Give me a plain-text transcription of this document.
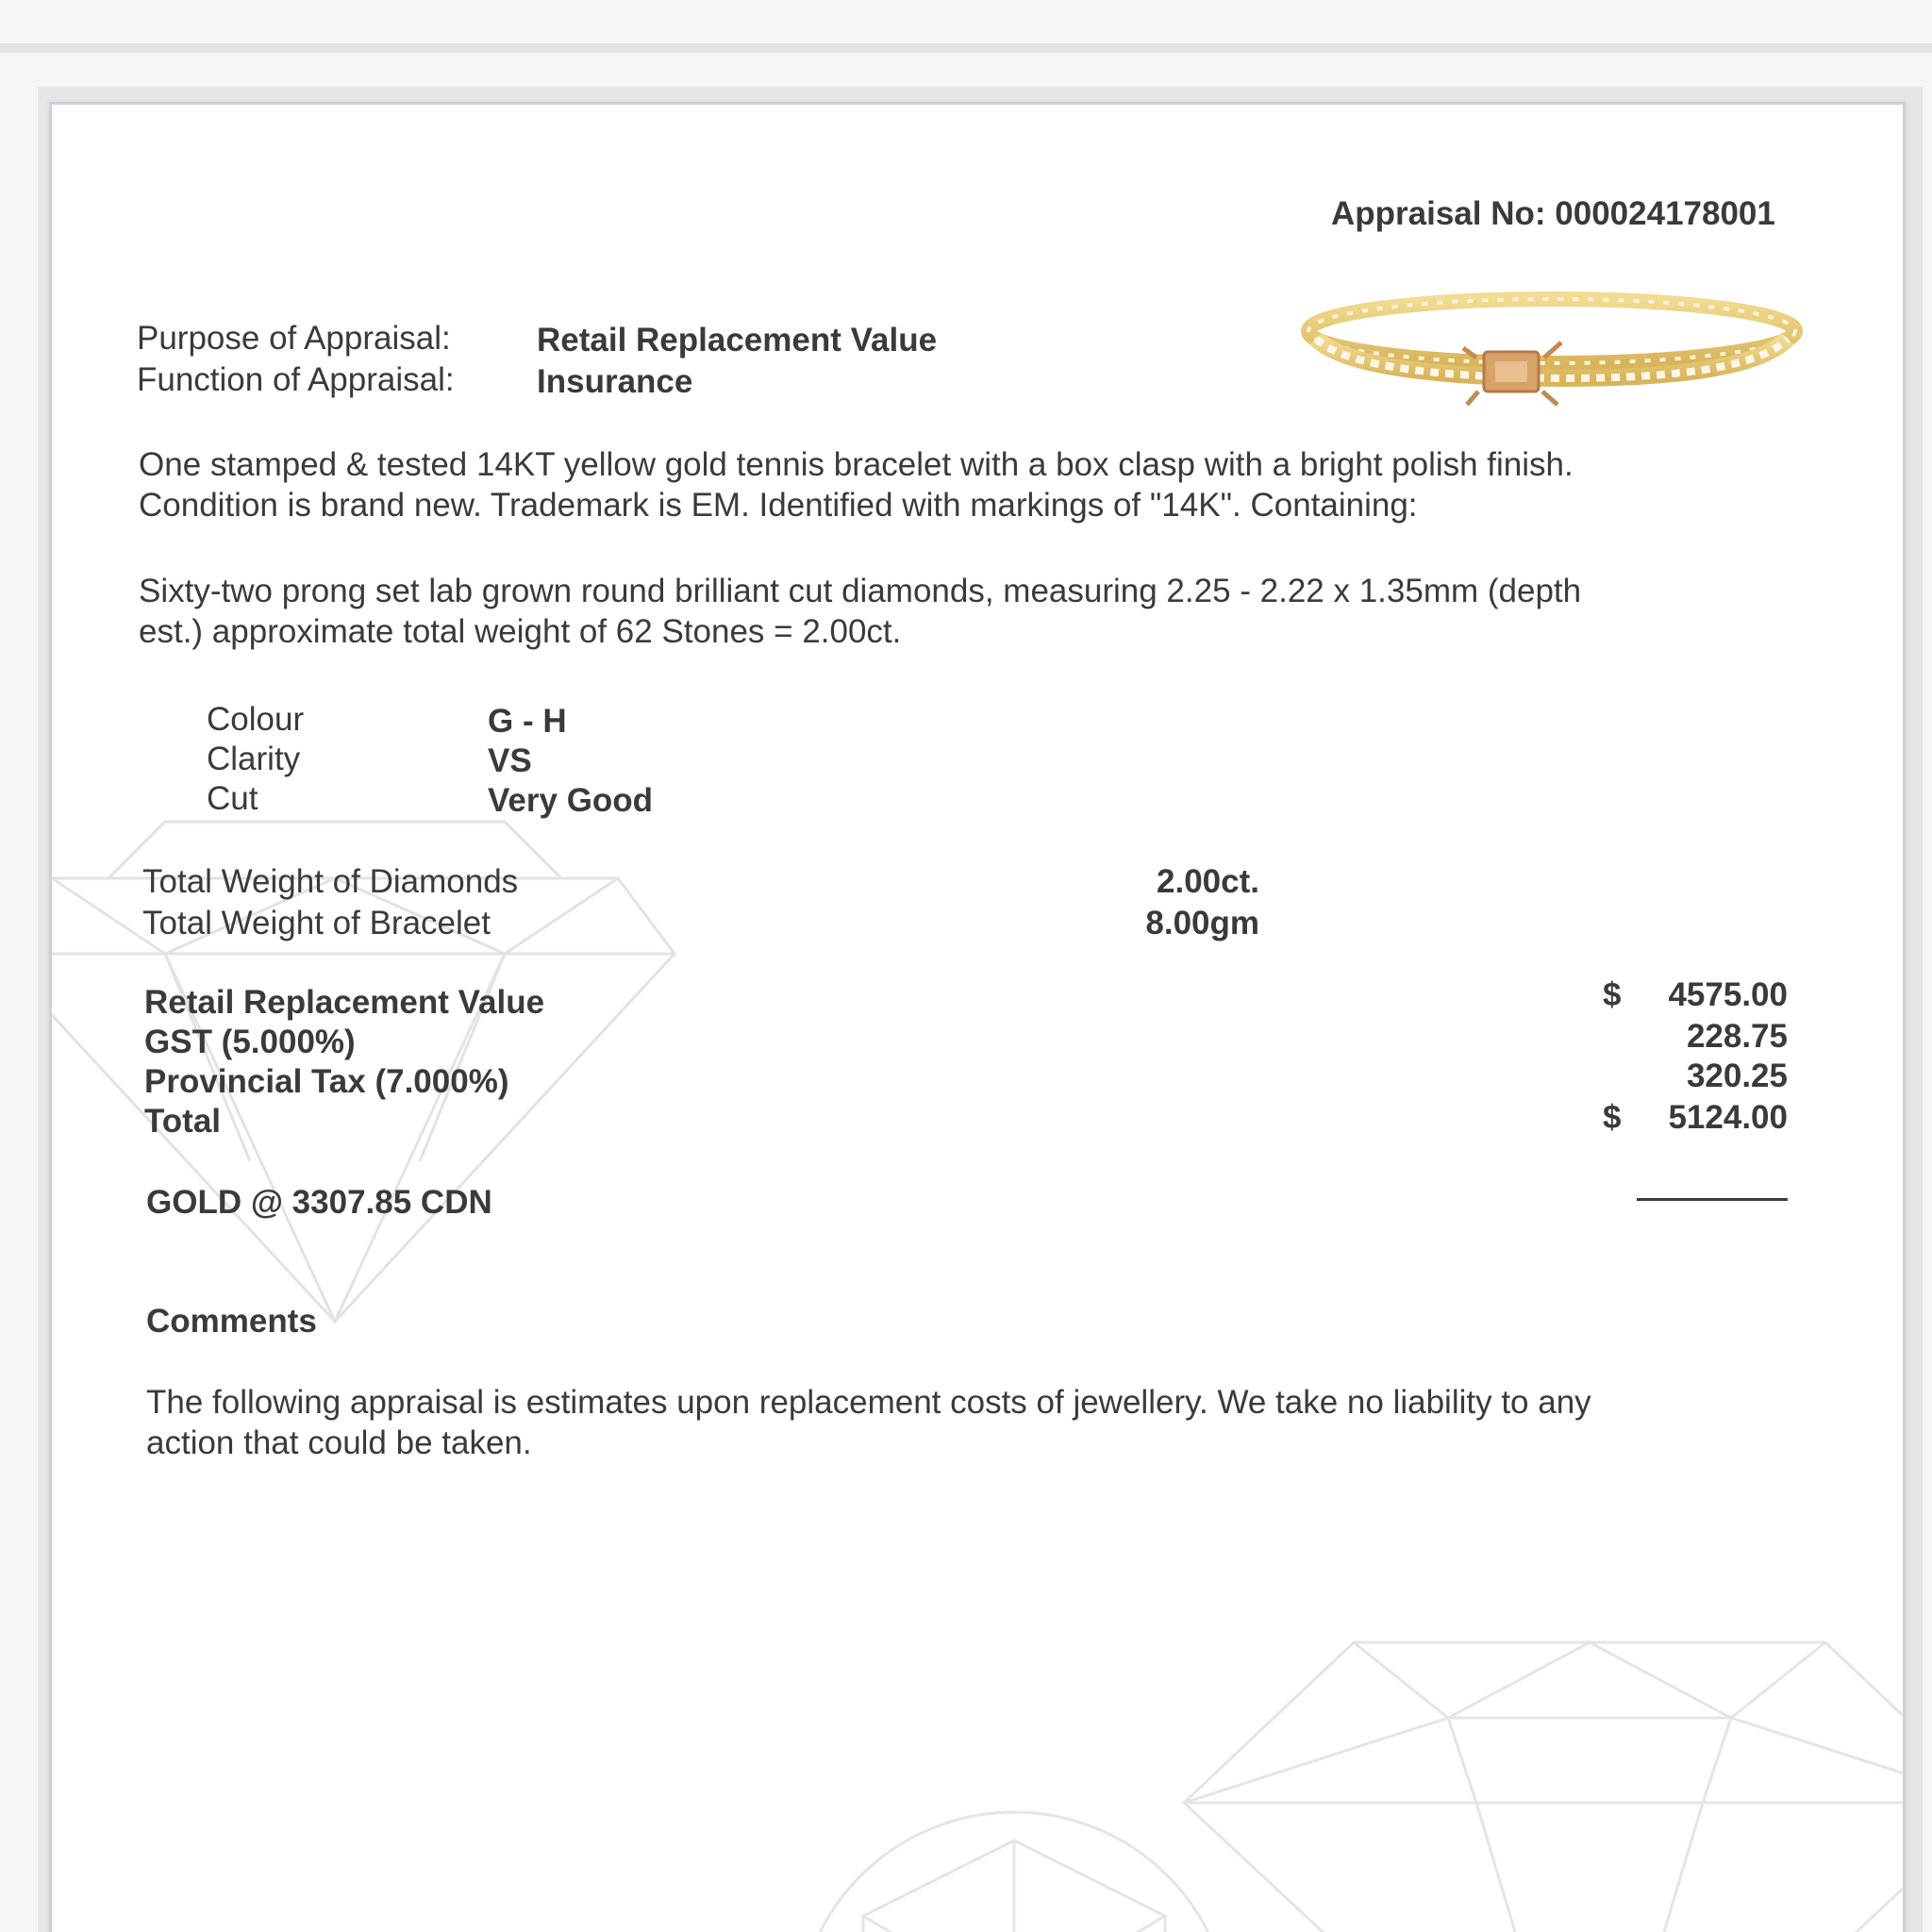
Appraisal No: 000024178001
Purpose of Appraisal:	Retail Replacement Value
Function of Appraisal: Insurance
One stamped & tested 14KT yellow gold tennis bracelet with a box clasp with a bright polish finish.
Condition is brand new. Trademark is EM. Identified with markings of "14K". Containing:
Sixty-two prong set lab grown round brilliant cut diamonds, measuring 2.25 - 2.22 x 1.35mm (depth
est.) approximate total weight of 62 Stones = 2.00ct.
Colour	G - H
Clarity	VS
Cut	Very Good
Total Weight of Diamonds	2.00ct.
Total Weight of Bracelet	8.00gm
Retail Replacement Value	$	4575.00
GST (5.000%)	228.75
Provincial Tax (7.000%)	320.25
Total	$	5124.00
GOLD @ 3307.85 CDN
Comments
The following appraisal is estimates upon replacement costs of jewellery. We take no liability to any
action that could be taken.
